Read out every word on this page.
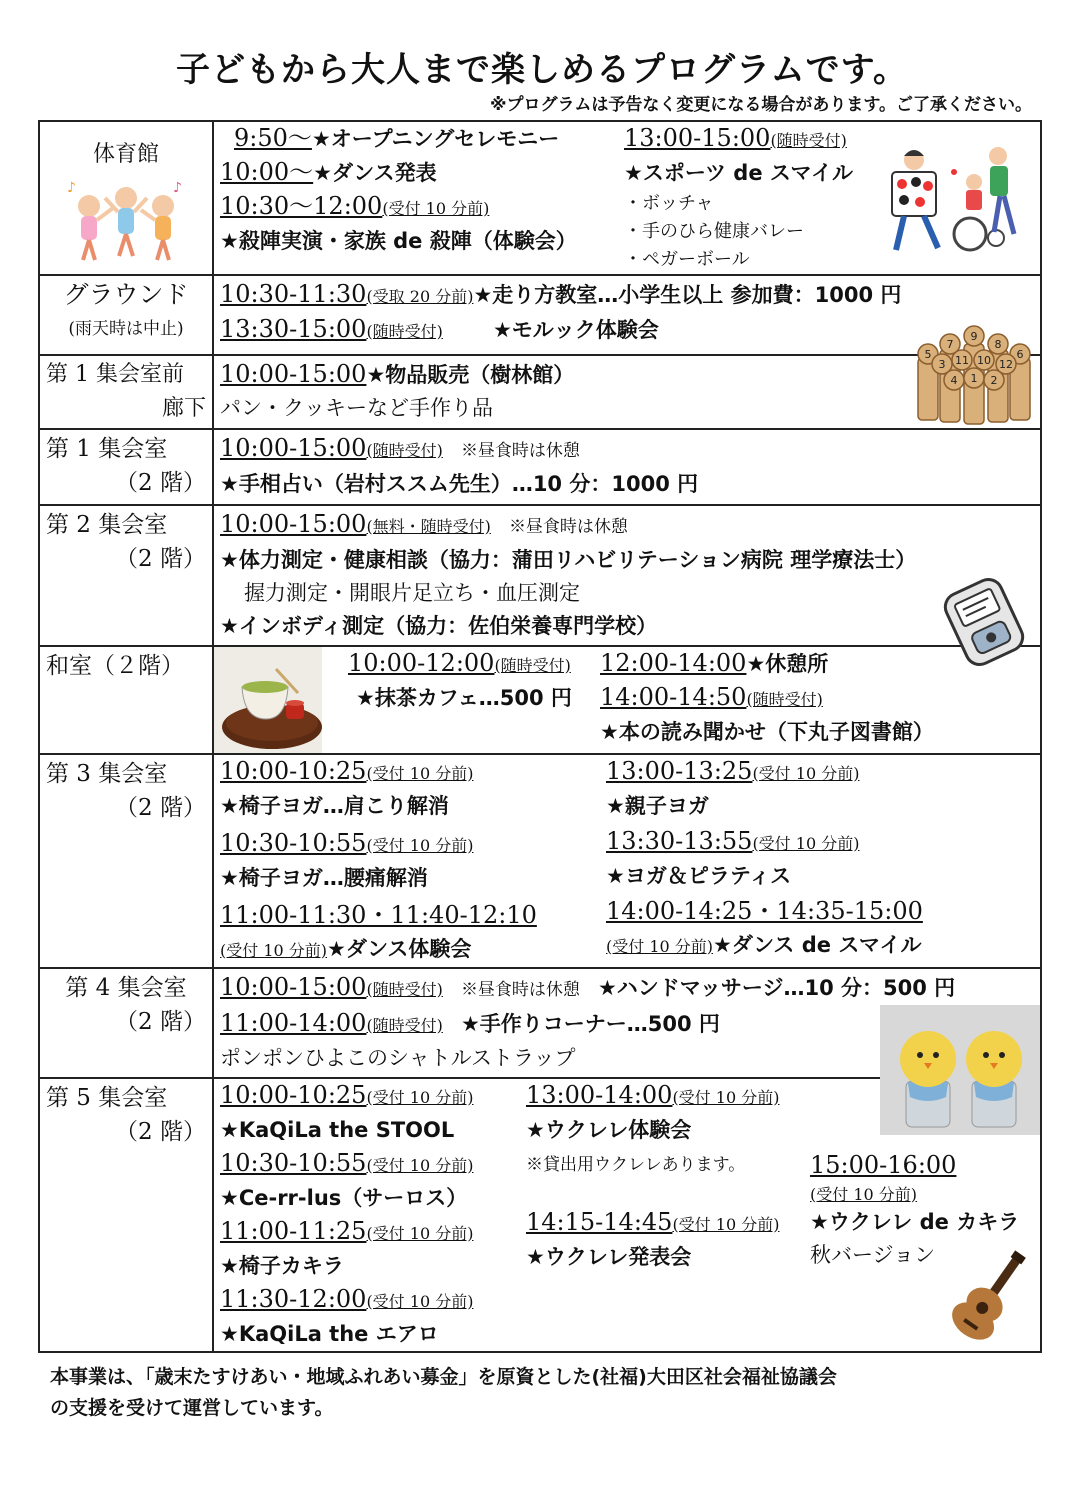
子どもから大人まで楽しめるプログラムです。
※プログラムは予告なく変更になる場合があります。ご了承ください。
体育館
♪	♪

9:50～★オープニングセレモニー
10:00～★ダンス発表
10:30～12:00(受付 10 分前)
★殺陣実演・家族 de 殺陣（体験会）

13:00-15:00(随時受付)
★スポーツ de スマイル
・ボッチャ
・手のひら健康バレー
・ペガーボール

グラウンド
(雨天時は中止)

10:30-11:30(受取 20 分前)★走り方教室…小学生以上 参加費：1000 円
13:30-15:00(随時受付) ★モルック体験会
5
7
9
8
6
3 11 10 12
4 1 2

第 1 集会室前
廊下

10:00-15:00★物品販売（樹林館）
パン・クッキーなど手作り品

第 1 集会室
（2 階）

10:00-15:00(随時受付) ※昼食時は休憩
★手相占い（岩村ススム先生）…10 分：1000 円

第 2 集会室
（2 階）

10:00-15:00(無料・随時受付) ※昼食時は休憩
★体力測定・健康相談（協力：蒲田リハビリテーション病院 理学療法士）
握力測定・開眼片足立ち・血圧測定
★インボディ測定（協力：佐伯栄養専門学校）

和室（２階）
		10:00-12:00(随時受付)
★抹茶カフェ…500 円

12:00-14:00★休憩所
14:00-14:50(随時受付)
★本の読み聞かせ（下丸子図書館）

第 3 集会室
（2 階）

10:00-10:25(受付 10 分前)
★椅子ヨガ…肩こり解消
10:30-10:55(受付 10 分前)
★椅子ヨガ…腰痛解消
11:00-11:30・11:40-12:10
(受付 10 分前)★ダンス体験会

13:00-13:25(受付 10 分前)
★親子ヨガ
13:30-13:55(受付 10 分前)
★ヨガ＆ピラティス
14:00-14:25・14:35-15:00
(受付 10 分前)★ダンス de スマイル

第 4 集会室
（2 階）

10:00-15:00(随時受付) ※昼食時は休憩 ★ハンドマッサージ…10 分：500 円
11:00-14:00(随時受付) ★手作りコーナー…500 円
ポンポンひよこのシャトルストラップ

第 5 集会室
（2 階）

10:00-10:25(受付 10 分前)
★KaQiLa the STOOL
10:30-10:55(受付 10 分前)
★Ce-rr-lus（サーロス）
11:00-11:25(受付 10 分前)
★椅子カキラ
11:30-12:00(受付 10 分前)
★KaQiLa the エアロ

13:00-14:00(受付 10 分前)
★ウクレレ体験会
※貸出用ウクレレあります。
14:15-14:45(受付 10 分前)
★ウクレレ発表会

15:00-16:00
(受付 10 分前)
★ウクレレ de カキラ
秋バージョン
本事業は、「歳末たすけあい・地域ふれあい募金」を原資とした(社福)大田区社会福祉協議会
の支援を受けて運営しています。
